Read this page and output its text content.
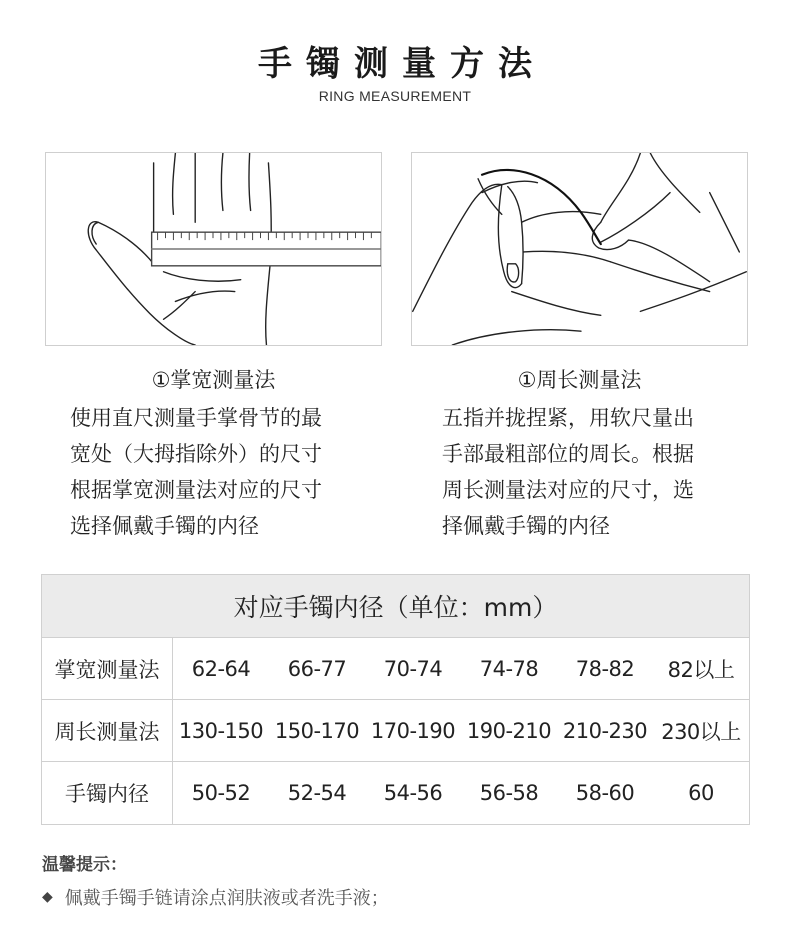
手镯测量方法
RING MEASUREMENT
①掌宽测量法	①周长测量法
使用直尺测量手掌骨节的最
宽处（大拇指除外）的尺寸
根据掌宽测量法对应的尺寸
选择佩戴手镯的内径
五指并拢捏紧，用软尺量出
手部最粗部位的周长。根据
周长测量法对应的尺寸，选
择佩戴手镯的内径
对应手镯内径（单位：mm）
掌宽测量法	62-64	66-77	70-74	74-78	78-82	82以上
周长测量法 130-150 150-170 170-190 190-210 210-230 230以上
手镯内径	50-52	52-54	54-56	56-58	58-60	60
温馨提示：
◆ 佩戴手镯手链请涂点润肤液或者洗手液；
